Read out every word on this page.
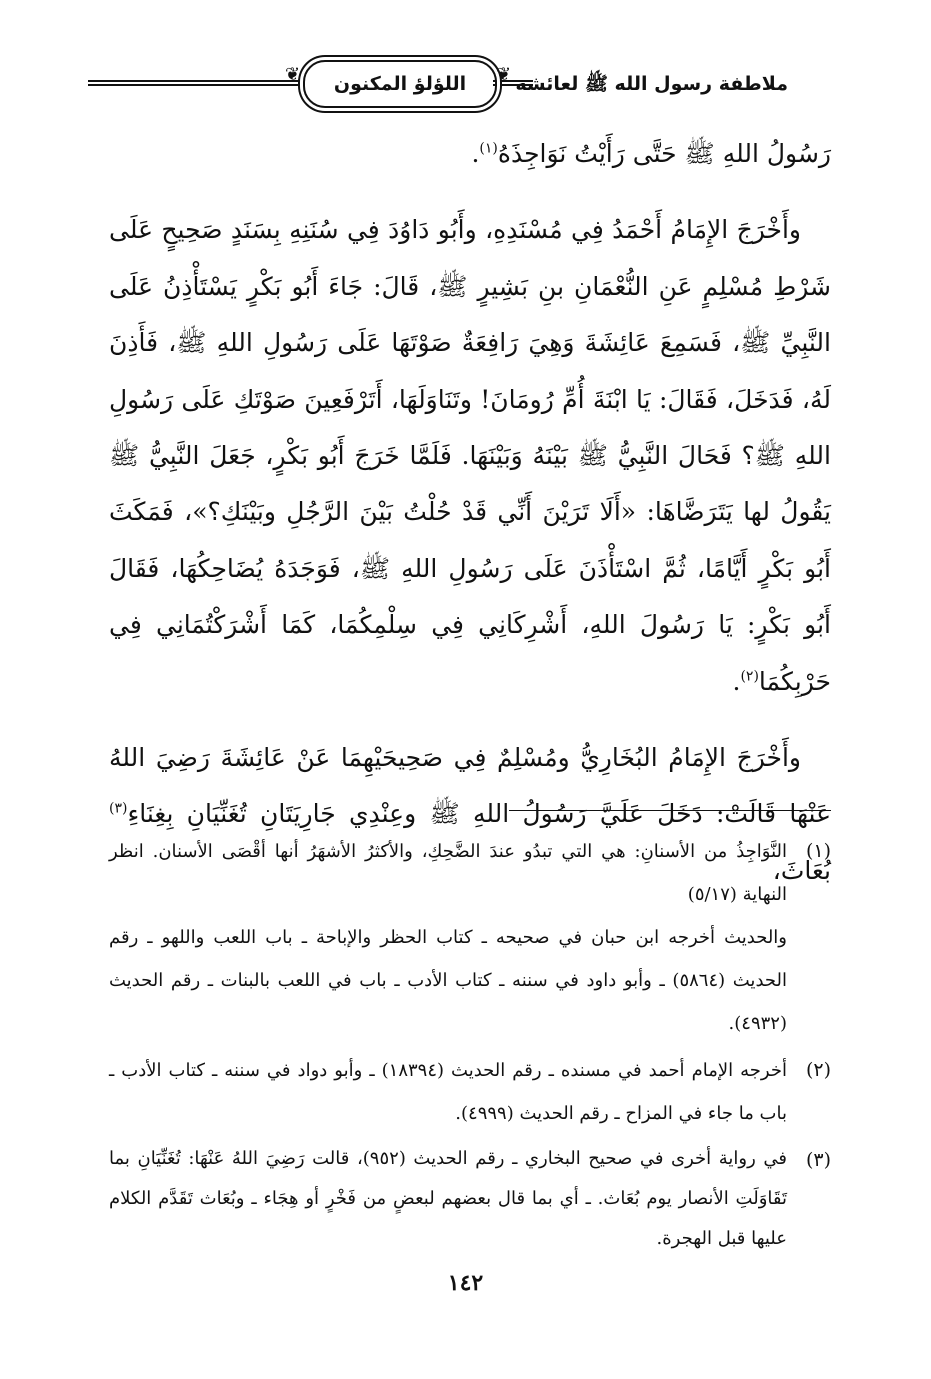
❦ اللؤلؤ المكنون ❦ ملاطفة رسول الله ﷺ لعائشة

رَسُولُ اللهِ ﷺ حَتَّى رَأَيْتُ نَوَاجِذَهُ$^{(١)}$.

وأَخْرَجَ الإِمَامُ أَحْمَدُ فِي مُسْنَدِهِ، وأَبُو دَاوُدَ فِي سُنَنِهِ بِسَنَدٍ صَحِيحٍ عَلَى شَرْطِ مُسْلِمٍ عَنِ النُّعْمَانِ بنِ بَشِيرٍ ﷺ، قَالَ: جَاءَ أَبُو بَكْرٍ يَسْتَأْذِنُ عَلَى النَّبِيِّ ﷺ، فَسَمِعَ عَائِشَةَ وَهِيَ رَافِعَةٌ صَوْتَهَا عَلَى رَسُولِ اللهِ ﷺ، فَأَذِنَ لَهُ، فَدَخَلَ، فَقَالَ: يَا ابْنَةَ أُمِّ رُومَانَ! وتَنَاوَلَهَا، أَتَرْفَعِينَ صَوْتَكِ عَلَى رَسُولِ اللهِ ﷺ؟ فَحَالَ النَّبِيُّ ﷺ بَيْنَهُ وَبَيْنَهَا. فَلَمَّا خَرَجَ أَبُو بَكْرٍ، جَعَلَ النَّبِيُّ ﷺ يَقُولُ لها يَتَرَضَّاهَا: «أَلَا تَرَيْنَ أَنِّي قَدْ حُلْتُ بَيْنَ الرَّجُلِ وبَيْنَكِ؟»، فَمَكَثَ أَبُو بَكْرٍ أَيَّامًا، ثُمَّ اسْتَأْذَنَ عَلَى رَسُولِ اللهِ ﷺ، فَوَجَدَهُ يُضَاحِكُهَا، فَقَالَ أَبُو بَكْرٍ: يَا رَسُولَ اللهِ، أَشْرِكَانِي فِي سِلْمِكُمَا، كَمَا أَشْرَكْتُمَانِي فِي حَرْبِكُمَا$^{(٢)}$.

وأَخْرَجَ الإِمَامُ البُخَارِيُّ ومُسْلِمٌ فِي صَحِيحَيْهِمَا عَنْ عَائِشَةَ رَضِيَ اللهُ عَنْهَا قَالَتْ: دَخَلَ عَلَيَّ رَسُولُ اللهِ ﷺ وعِنْدِي جَارِيَتَانِ تُغَنِّيَانِ بِغِنَاءِ$^{(٣)}$ بُعَاثَ،

(١)

النَّوَاجِذُ من الأسنانِ: هي التي تبدُو عندَ الضَّحِكِ، والأكثرُ الأشهَرُ أنها أقْصَى الأسنان. انظر النهاية (٥/١٧)

والحديث أخرجه ابن حبان في صحيحه ـ كتاب الحظر والإباحة ـ باب اللعب واللهو ـ رقم الحديث (٥٨٦٤) ـ وأبو داود في سننه ـ كتاب الأدب ـ باب في اللعب بالبنات ـ رقم الحديث (٤٩٣٢).

(٢)

أخرجه الإمام أحمد في مسنده ـ رقم الحديث (١٨٣٩٤) ـ وأبو دواد في سننه ـ كتاب الأدب ـ باب ما جاء في المزاح ـ رقم الحديث (٤٩٩٩).

(٣)

في رواية أخرى في صحيح البخاري ـ رقم الحديث (٩٥٢)، قالت رَضِيَ اللهُ عَنْهَا: تُغَنِّيَانِ بما تَقَاوَلَتِ الأنصار يوم بُعَاث. ـ أي بما قال بعضهم لبعضٍ من فَخْرٍ أو هِجَاء ـ وبُعَاث تَقَدَّم الكلام عليها قبل الهجرة.

١٤٢
